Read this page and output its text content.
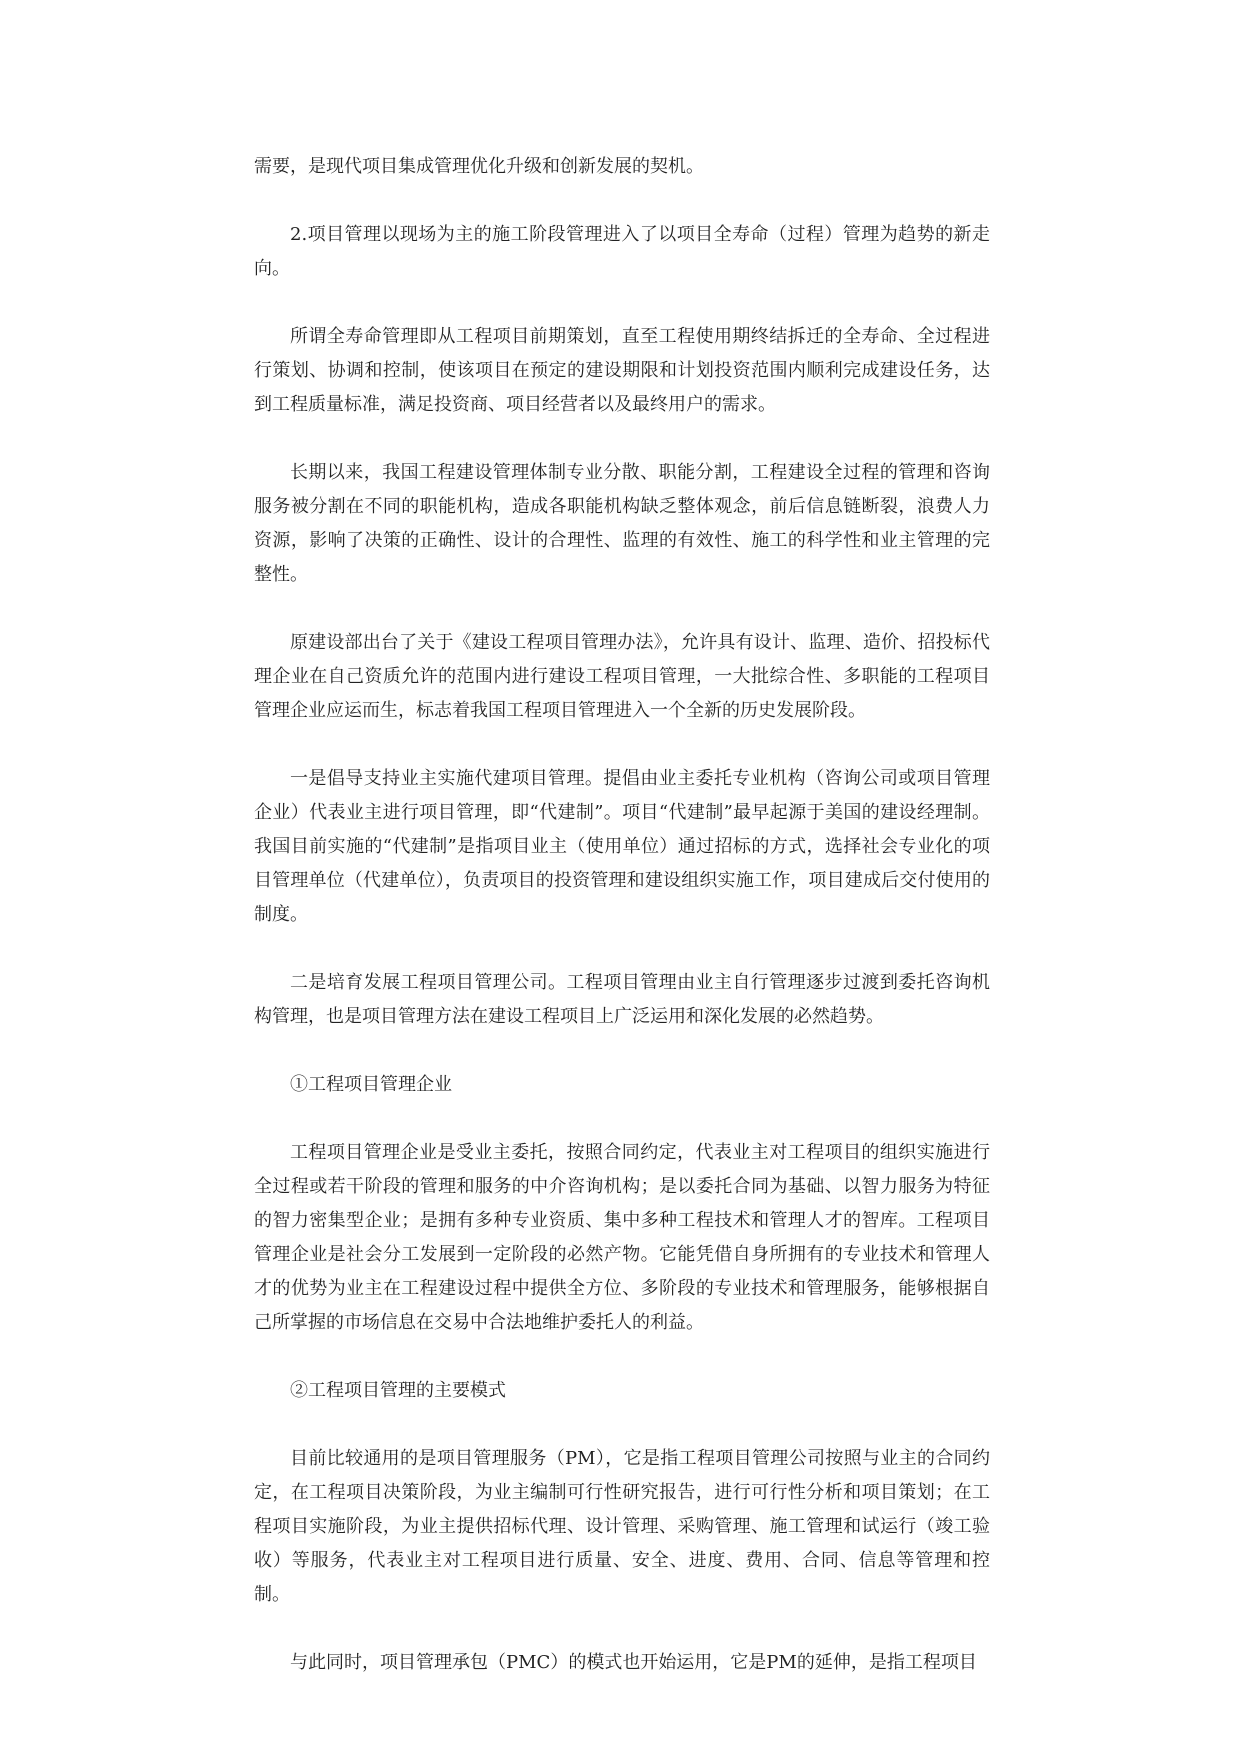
需要，是现代项目集成管理优化升级和创新发展的契机。

2.项目管理以现场为主的施工阶段管理进入了以项目全寿命（过程）管理为趋势的新走向。

所谓全寿命管理即从工程项目前期策划，直至工程使用期终结拆迁的全寿命、全过程进行策划、协调和控制，使该项目在预定的建设期限和计划投资范围内顺利完成建设任务，达到工程质量标准，满足投资商、项目经营者以及最终用户的需求。

长期以来，我国工程建设管理体制专业分散、职能分割，工程建设全过程的管理和咨询服务被分割在不同的职能机构，造成各职能机构缺乏整体观念，前后信息链断裂，浪费人力资源，影响了决策的正确性、设计的合理性、监理的有效性、施工的科学性和业主管理的完整性。

原建设部出台了关于《建设工程项目管理办法》，允许具有设计、监理、造价、招投标代理企业在自己资质允许的范围内进行建设工程项目管理，一大批综合性、多职能的工程项目管理企业应运而生，标志着我国工程项目管理进入一个全新的历史发展阶段。

一是倡导支持业主实施代建项目管理。提倡由业主委托专业机构（咨询公司或项目管理企业）代表业主进行项目管理，即“代建制”。项目“代建制”最早起源于美国的建设经理制。我国目前实施的“代建制”是指项目业主（使用单位）通过招标的方式，选择社会专业化的项目管理单位（代建单位），负责项目的投资管理和建设组织实施工作，项目建成后交付使用的制度。

二是培育发展工程项目管理公司。工程项目管理由业主自行管理逐步过渡到委托咨询机构管理，也是项目管理方法在建设工程项目上广泛运用和深化发展的必然趋势。

①工程项目管理企业

工程项目管理企业是受业主委托，按照合同约定，代表业主对工程项目的组织实施进行全过程或若干阶段的管理和服务的中介咨询机构；是以委托合同为基础、以智力服务为特征的智力密集型企业；是拥有多种专业资质、集中多种工程技术和管理人才的智库。工程项目管理企业是社会分工发展到一定阶段的必然产物。它能凭借自身所拥有的专业技术和管理人才的优势为业主在工程建设过程中提供全方位、多阶段的专业技术和管理服务，能够根据自己所掌握的市场信息在交易中合法地维护委托人的利益。

②工程项目管理的主要模式

目前比较通用的是项目管理服务（PM），它是指工程项目管理公司按照与业主的合同约定，在工程项目决策阶段，为业主编制可行性研究报告，进行可行性分析和项目策划；在工程项目实施阶段，为业主提供招标代理、设计管理、采购管理、施工管理和试运行（竣工验收）等服务，代表业主对工程项目进行质量、安全、进度、费用、合同、信息等管理和控制。

与此同时，项目管理承包（PMC）的模式也开始运用，它是PM的延伸，是指工程项目
